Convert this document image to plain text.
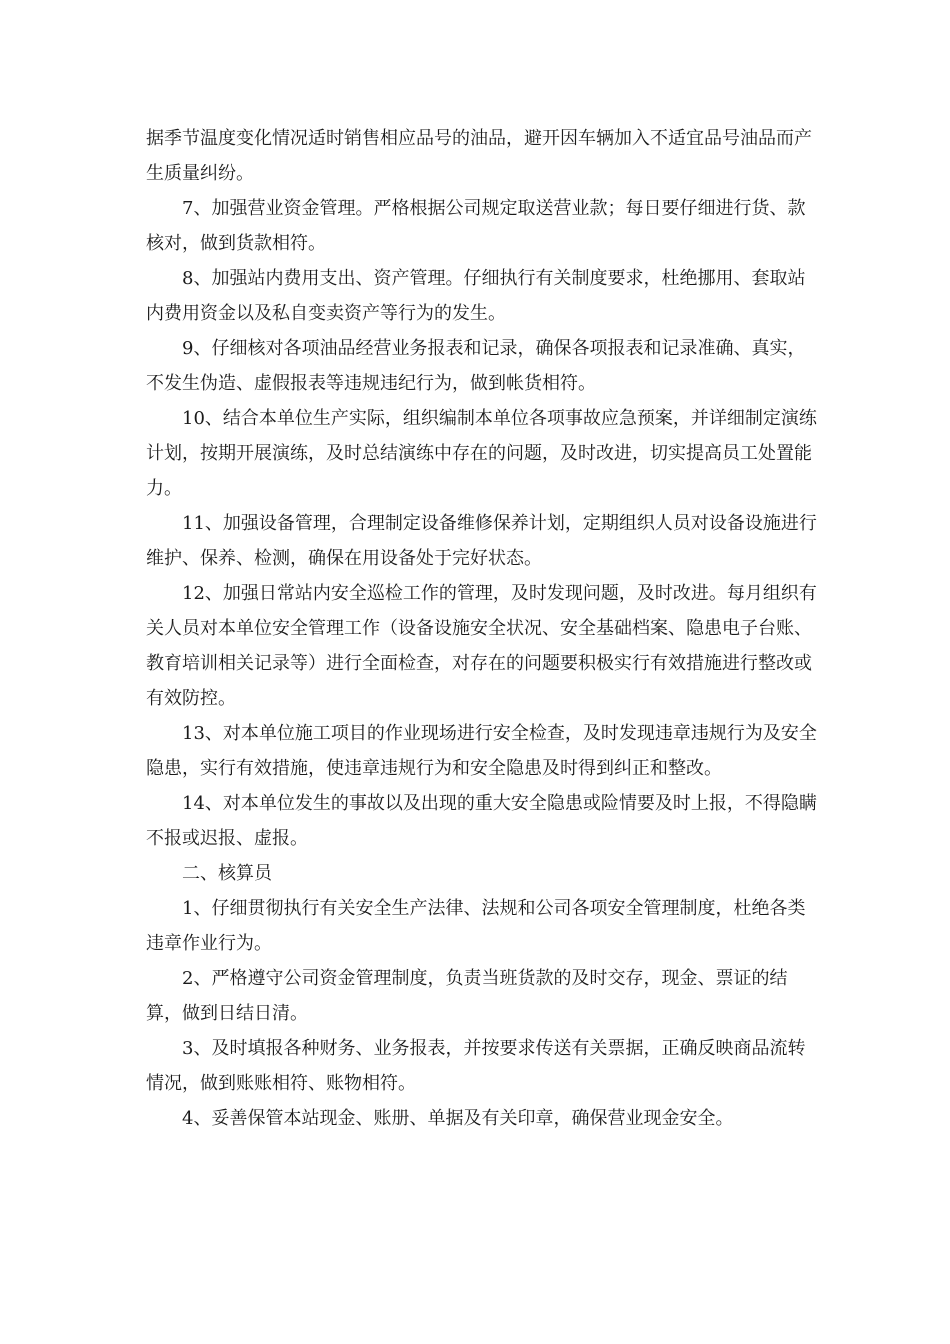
据季节温度变化情况适时销售相应品号的油品，避开因车辆加入不适宜品号油品而产生质量纠纷。

7、加强营业资金管理。严格根据公司规定取送营业款；每日要仔细进行货、款核对，做到货款相符。

8、加强站内费用支出、资产管理。仔细执行有关制度要求，杜绝挪用、套取站内费用资金以及私自变卖资产等行为的发生。

9、仔细核对各项油品经营业务报表和记录，确保各项报表和记录准确、真实，不发生伪造、虚假报表等违规违纪行为，做到帐货相符。

10、结合本单位生产实际，组织编制本单位各项事故应急预案，并详细制定演练计划，按期开展演练，及时总结演练中存在的问题，及时改进，切实提高员工处置能力。

11、加强设备管理，合理制定设备维修保养计划，定期组织人员对设备设施进行维护、保养、检测，确保在用设备处于完好状态。

12、加强日常站内安全巡检工作的管理，及时发现问题，及时改进。每月组织有关人员对本单位安全管理工作（设备设施安全状况、安全基础档案、隐患电子台账、教育培训相关记录等）进行全面检查，对存在的问题要积极实行有效措施进行整改或有效防控。

13、对本单位施工项目的作业现场进行安全检查，及时发现违章违规行为及安全隐患，实行有效措施，使违章违规行为和安全隐患及时得到纠正和整改。

14、对本单位发生的事故以及出现的重大安全隐患或险情要及时上报，不得隐瞒不报或迟报、虚报。

二、核算员

1、仔细贯彻执行有关安全生产法律、法规和公司各项安全管理制度，杜绝各类违章作业行为。

2、严格遵守公司资金管理制度，负责当班货款的及时交存，现金、票证的结算，做到日结日清。

3、及时填报各种财务、业务报表，并按要求传送有关票据，正确反映商品流转情况，做到账账相符、账物相符。

4、妥善保管本站现金、账册、单据及有关印章，确保营业现金安全。
